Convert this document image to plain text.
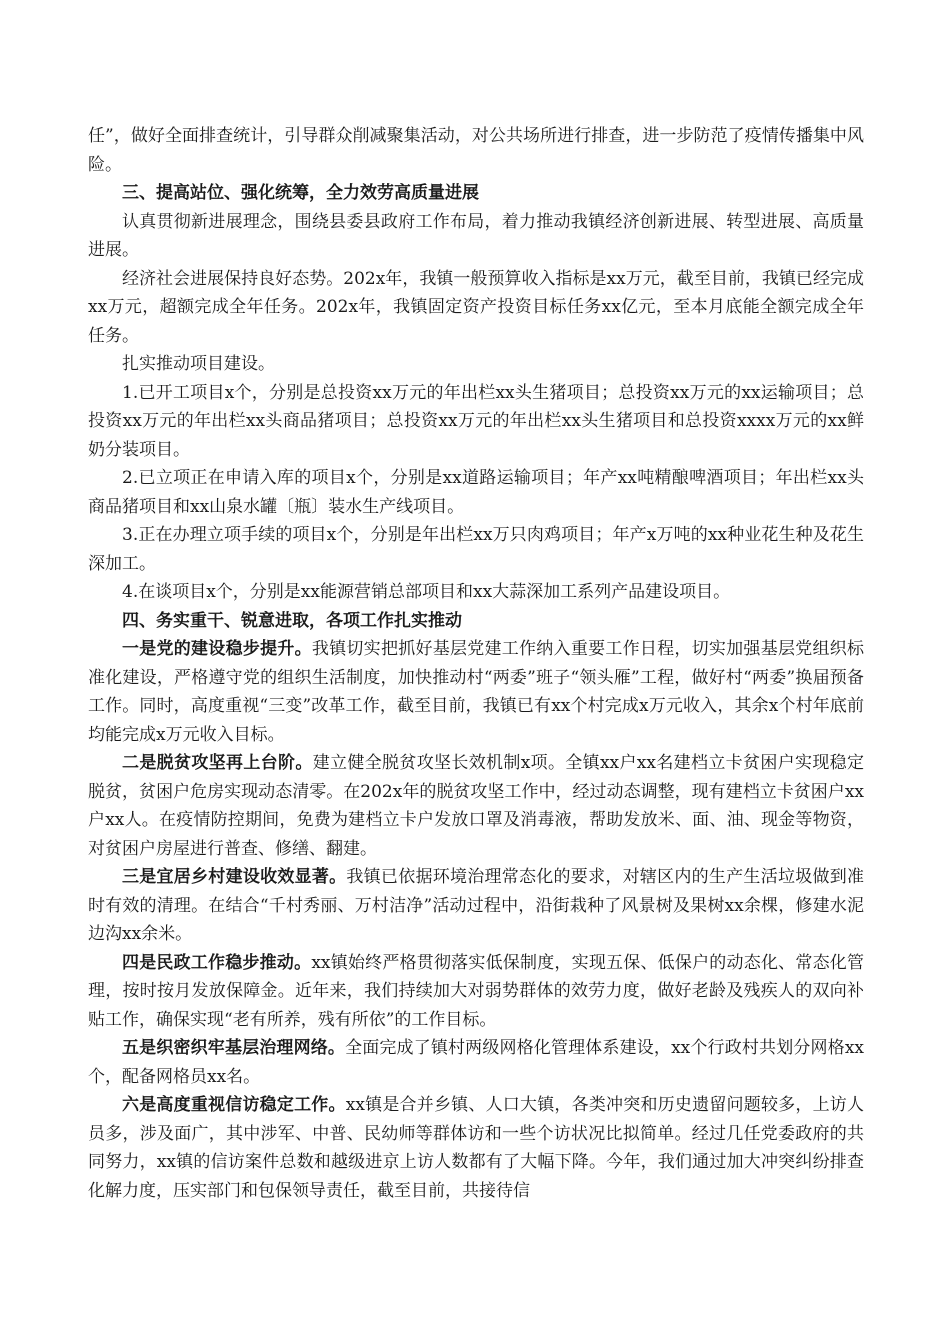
任”，做好全面排查统计，引导群众削减聚集活动，对公共场所进行排查，进一步防范了疫情传播集中风险。

三、提高站位、强化统筹，全力效劳高质量进展

认真贯彻新进展理念，围绕县委县政府工作布局，着力推动我镇经济创新进展、转型进展、高质量进展。

经济社会进展保持良好态势。202x年，我镇一般预算收入指标是xx万元，截至目前，我镇已经完成xx万元，超额完成全年任务。202x年，我镇固定资产投资目标任务xx亿元，至本月底能全额完成全年任务。

扎实推动项目建设。

1.已开工项目x个，分别是总投资xx万元的年出栏xx头生猪项目；总投资xx万元的xx运输项目；总投资xx万元的年出栏xx头商品猪项目；总投资xx万元的年出栏xx头生猪项目和总投资xxxx万元的xx鲜奶分装项目。

2.已立项正在申请入库的项目x个，分别是xx道路运输项目；年产xx吨精酿啤酒项目；年出栏xx头商品猪项目和xx山泉水罐〔瓶〕装水生产线项目。

3.正在办理立项手续的项目x个，分别是年出栏xx万只肉鸡项目；年产x万吨的xx种业花生种及花生深加工。

4.在谈项目x个，分别是xx能源营销总部项目和xx大蒜深加工系列产品建设项目。

四、务实重干、锐意进取，各项工作扎实推动

一是党的建设稳步提升。我镇切实把抓好基层党建工作纳入重要工作日程，切实加强基层党组织标准化建设，严格遵守党的组织生活制度，加快推动村“两委”班子“领头雁”工程，做好村“两委”换届预备工作。同时，高度重视“三变”改革工作，截至目前，我镇已有xx个村完成x万元收入，其余x个村年底前均能完成x万元收入目标。

二是脱贫攻坚再上台阶。建立健全脱贫攻坚长效机制x项。全镇xx户xx名建档立卡贫困户实现稳定脱贫，贫困户危房实现动态清零。在202x年的脱贫攻坚工作中，经过动态调整，现有建档立卡贫困户xx户xx人。在疫情防控期间，免费为建档立卡户发放口罩及消毒液，帮助发放米、面、油、现金等物资，对贫困户房屋进行普查、修缮、翻建。

三是宜居乡村建设收效显著。我镇已依据环境治理常态化的要求，对辖区内的生产生活垃圾做到准时有效的清理。在结合“千村秀丽、万村洁净”活动过程中，沿街栽种了风景树及果树xx余棵，修建水泥边沟xx余米。

四是民政工作稳步推动。xx镇始终严格贯彻落实低保制度，实现五保、低保户的动态化、常态化管理，按时按月发放保障金。近年来，我们持续加大对弱势群体的效劳力度，做好老龄及残疾人的双向补贴工作，确保实现“老有所养，残有所依”的工作目标。

五是织密织牢基层治理网络。全面完成了镇村两级网格化管理体系建设，xx个行政村共划分网格xx个，配备网格员xx名。

六是高度重视信访稳定工作。xx镇是合并乡镇、人口大镇，各类冲突和历史遗留问题较多，上访人员多，涉及面广，其中涉军、中普、民幼师等群体访和一些个访状况比拟简单。经过几任党委政府的共同努力，xx镇的信访案件总数和越级进京上访人数都有了大幅下降。今年，我们通过加大冲突纠纷排查化解力度，压实部门和包保领导责任，截至目前，共接待信
